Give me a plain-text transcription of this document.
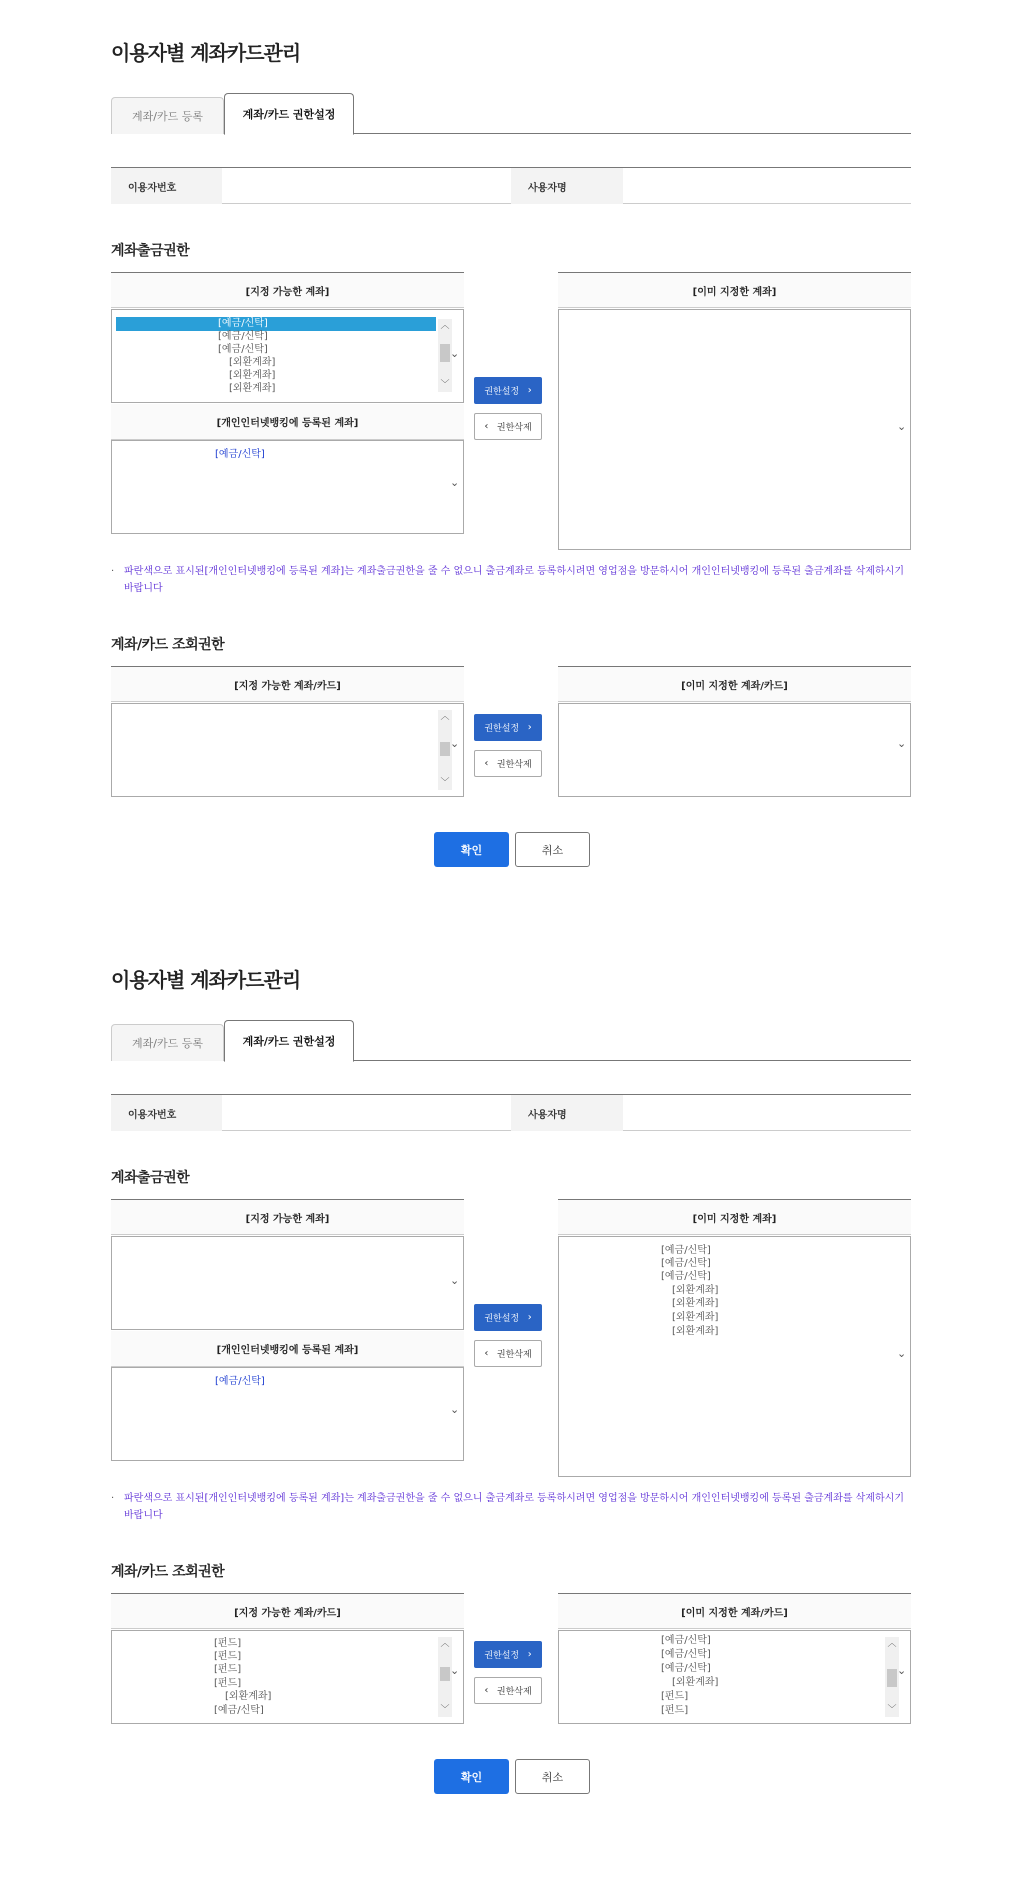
이용자별 계좌카드관리
계좌/카드 등록	계좌/카드 권한설정
이용자번호	사용자명
계좌출금권한
[지정 가능한 계좌]
[예금/신탁]
[예금/신탁]
[예금/신탁]
[외환계좌]
[외환계좌]
[외환계좌]
︿
﹀
⌄
[개인인터넷뱅킹에 등록된 계좌]
[예금/신탁]
⌄
권한설정
›
‹
권한삭제
[이미 지정한 계좌]
⌄
· 파란색으로 표시된[개인인터넷뱅킹에 등록된 계좌]는 계좌출금권한을 줄 수 없으니 출금계좌로 등록하시려면 영업점을 방문하시어 개인인터넷뱅킹에 등록된 출금계좌를 삭제하시기 바랍니다
계좌/카드 조회권한
[지정 가능한 계좌/카드]
︿
﹀
⌄
권한설정
›
‹
권한삭제
[이미 지정한 계좌/카드]
⌄
확인	취소
이용자별 계좌카드관리
계좌/카드 등록	계좌/카드 권한설정
이용자번호	사용자명
계좌출금권한
[지정 가능한 계좌]
⌄
[개인인터넷뱅킹에 등록된 계좌]
[예금/신탁]
⌄
권한설정
›
‹
권한삭제
[이미 지정한 계좌]
[예금/신탁]
[예금/신탁]
[예금/신탁]
[외환계좌]
[외환계좌]
[외환계좌]
[외환계좌]
⌄
· 파란색으로 표시된[개인인터넷뱅킹에 등록된 계좌]는 계좌출금권한을 줄 수 없으니 출금계좌로 등록하시려면 영업점을 방문하시어 개인인터넷뱅킹에 등록된 출금계좌를 삭제하시기 바랍니다
계좌/카드 조회권한
[지정 가능한 계좌/카드]
[펀드]
[펀드]
[펀드]
[펀드]
[외환계좌]
[예금/신탁]
︿
﹀
⌄
권한설정
›
‹
권한삭제
[이미 지정한 계좌/카드]
[예금/신탁]
[예금/신탁]
[예금/신탁]
[외환계좌]
[펀드]
[펀드]
︿
﹀
⌄
확인	취소
